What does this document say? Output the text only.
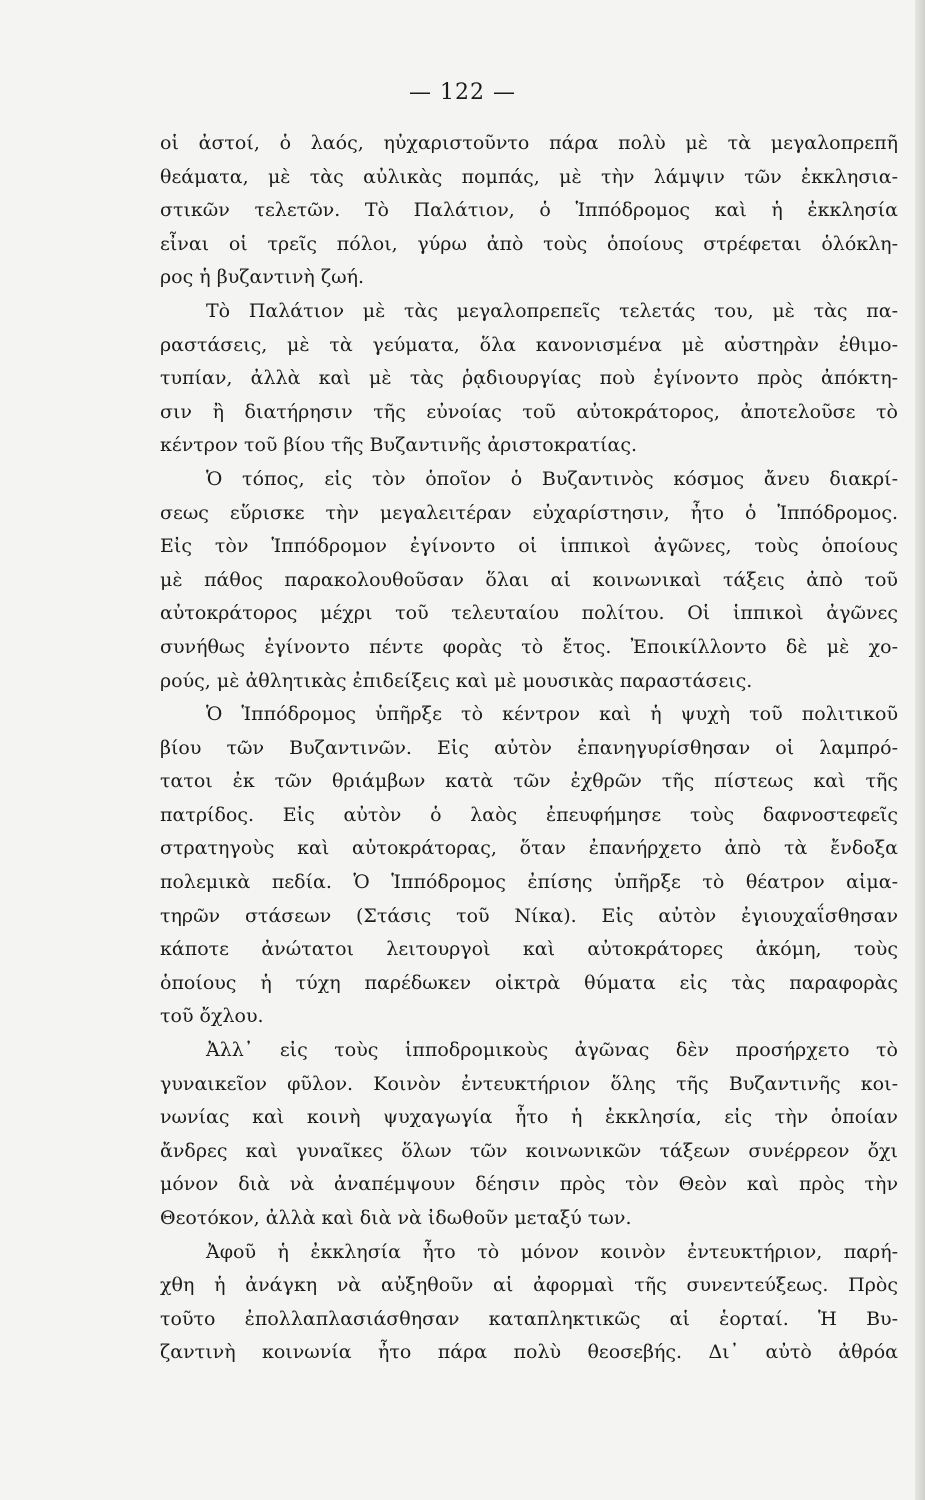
— 122 —
οἱ ἀστοί, ὁ λαός, ηὐχαριστοῦντο πάρα πολὺ μὲ τὰ μεγαλοπρεπῆ
θεάματα, μὲ τὰς αὐλικὰς πομπάς, μὲ τὴν λάμψιν τῶν ἐκκλησια-
στικῶν τελετῶν. Τὸ Παλάτιον, ὁ Ἱππόδρομος καὶ ἡ ἐκκλησία
εἶναι οἱ τρεῖς πόλοι, γύρω ἀπὸ τοὺς ὁποίους στρέφεται ὁλόκλη-
ρος ἡ βυζαντινὴ ζωή.
Τὸ Παλάτιον μὲ τὰς μεγαλοπρεπεῖς τελετάς του, μὲ τὰς πα-
ραστάσεις, μὲ τὰ γεύματα, ὅλα κανονισμένα μὲ αὐστηρὰν ἐθιμο-
τυπίαν, ἀλλὰ καὶ μὲ τὰς ῥᾳδιουργίας ποὺ ἐγίνοντο πρὸς ἀπόκτη-
σιν ἢ διατήρησιν τῆς εὐνοίας τοῦ αὐτοκράτορος, ἀποτελοῦσε τὸ
κέντρον τοῦ βίου τῆς Βυζαντινῆς ἀριστοκρατίας.
Ὁ τόπος, εἰς τὸν ὁποῖον ὁ Βυζαντινὸς κόσμος ἄνευ διακρί-
σεως εὕρισκε τὴν μεγαλειτέραν εὐχαρίστησιν, ἦτο ὁ Ἱππόδρομος.
Εἰς τὸν Ἱππόδρομον ἐγίνοντο οἱ ἱππικοὶ ἀγῶνες, τοὺς ὁποίους
μὲ πάθος παρακολουθοῦσαν ὅλαι αἱ κοινωνικαὶ τάξεις ἀπὸ τοῦ
αὐτοκράτορος μέχρι τοῦ τελευταίου πολίτου. Οἱ ἱππικοὶ ἀγῶνες
συνήθως ἐγίνοντο πέντε φορὰς τὸ ἔτος. Ἐποικίλλοντο δὲ μὲ χο-
ρούς, μὲ ἀθλητικὰς ἐπιδείξεις καὶ μὲ μουσικὰς παραστάσεις.
Ὁ Ἱππόδρομος ὑπῆρξε τὸ κέντρον καὶ ἡ ψυχὴ τοῦ πολιτικοῦ
βίου τῶν Βυζαντινῶν. Εἰς αὐτὸν ἐπανηγυρίσθησαν οἱ λαμπρό-
τατοι ἐκ τῶν θριάμβων κατὰ τῶν ἐχθρῶν τῆς πίστεως καὶ τῆς
πατρίδος. Εἰς αὐτὸν ὁ λαὸς ἐπευφήμησε τοὺς δαφνοστεφεῖς
στρατηγοὺς καὶ αὐτοκράτορας, ὅταν ἐπανήρχετο ἀπὸ τὰ ἔνδοξα
πολεμικὰ πεδία. Ὁ Ἱππόδρομος ἐπίσης ὑπῆρξε τὸ θέατρον αἱμα-
τηρῶν στάσεων (Στάσις τοῦ Νίκα). Εἰς αὐτὸν ἐγιουχαΐσθησαν
κάποτε ἀνώτατοι λειτουργοὶ καὶ αὐτοκράτορες ἀκόμη, τοὺς
ὁποίους ἡ τύχη παρέδωκεν οἰκτρὰ θύματα εἰς τὰς παραφορὰς
τοῦ ὄχλου.
Ἀλλ᾿ εἰς τοὺς ἱπποδρομικοὺς ἀγῶνας δὲν προσήρχετο τὸ
γυναικεῖον φῦλον. Κοινὸν ἐντευκτήριον ὅλης τῆς Βυζαντινῆς κοι-
νωνίας καὶ κοινὴ ψυχαγωγία ἦτο ἡ ἐκκλησία, εἰς τὴν ὁποίαν
ἄνδρες καὶ γυναῖκες ὅλων τῶν κοινωνικῶν τάξεων συνέρρεον ὄχι
μόνον διὰ νὰ ἀναπέμψουν δέησιν πρὸς τὸν Θεὸν καὶ πρὸς τὴν
Θεοτόκον, ἀλλὰ καὶ διὰ νὰ ἰδωθοῦν μεταξύ των.
Ἀφοῦ ἡ ἐκκλησία ἦτο τὸ μόνον κοινὸν ἐντευκτήριον, παρή-
χθη ἡ ἀνάγκη νὰ αὐξηθοῦν αἱ ἀφορμαὶ τῆς συνεντεύξεως. Πρὸς
τοῦτο ἐπολλαπλασιάσθησαν καταπληκτικῶς αἱ ἑορταί. Ἡ Βυ-
ζαντινὴ κοινωνία ἦτο πάρα πολὺ θεοσεβής. Δι᾿ αὐτὸ ἀθρόα
